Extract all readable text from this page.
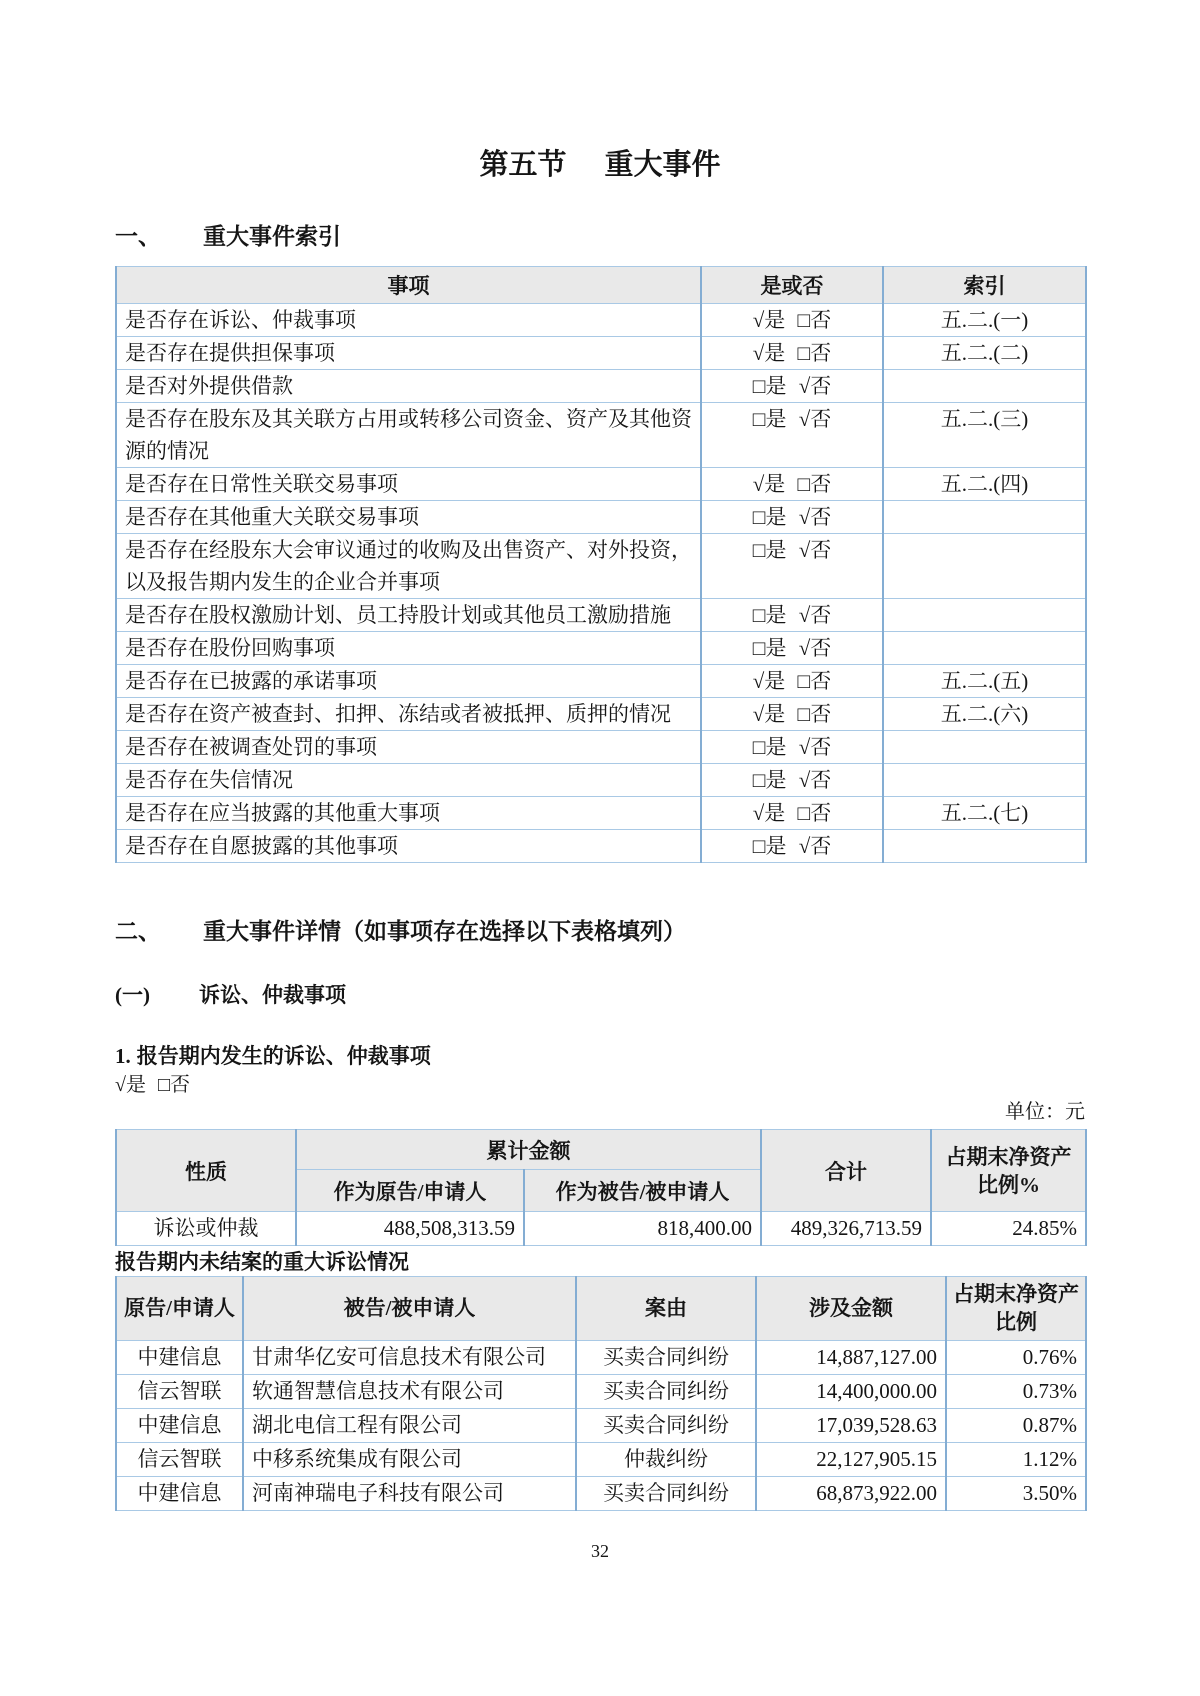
第五节 重大事件
一、 重大事件索引
事项	是或否	索引
是否存在诉讼、仲裁事项	√是 □否	五.二.(一)
是否存在提供担保事项	√是 □否	五.二.(二)
是否对外提供借款	□是 √否	
是否存在股东及其关联方占用或转移公司资金、资产及其他资源的情况	□是 √否	五.二.(三)
是否存在日常性关联交易事项	√是 □否	五.二.(四)
是否存在其他重大关联交易事项	□是 √否	
是否存在经股东大会审议通过的收购及出售资产、对外投资，以及报告期内发生的企业合并事项	□是 √否	
是否存在股权激励计划、员工持股计划或其他员工激励措施	□是 √否	
是否存在股份回购事项	□是 √否	
是否存在已披露的承诺事项	√是 □否	五.二.(五)
是否存在资产被查封、扣押、冻结或者被抵押、质押的情况	√是 □否	五.二.(六)
是否存在被调查处罚的事项	□是 √否	
是否存在失信情况	□是 √否	
是否存在应当披露的其他重大事项	√是 □否	五.二.(七)
是否存在自愿披露的其他事项	□是 √否	
二、 重大事件详情（如事项存在选择以下表格填列）
(一) 诉讼、仲裁事项
1. 报告期内发生的诉讼、仲裁事项
√是 □否
单位：元
性质	累计金额		合计	占期末净资产比例%
	作为原告/申请人	作为被告/被申请人		
诉讼或仲裁	488,508,313.59	818,400.00	489,326,713.59	24.85%
报告期内未结案的重大诉讼情况
原告/申请人	被告/被申请人	案由	涉及金额	占期末净资产比例
中建信息	甘肃华亿安可信息技术有限公司	买卖合同纠纷	14,887,127.00	0.76%
信云智联	软通智慧信息技术有限公司	买卖合同纠纷	14,400,000.00	0.73%
中建信息	湖北电信工程有限公司	买卖合同纠纷	17,039,528.63	0.87%
信云智联	中移系统集成有限公司	仲裁纠纷	22,127,905.15	1.12%
中建信息	河南神瑞电子科技有限公司	买卖合同纠纷	68,873,922.00	3.50%
32
